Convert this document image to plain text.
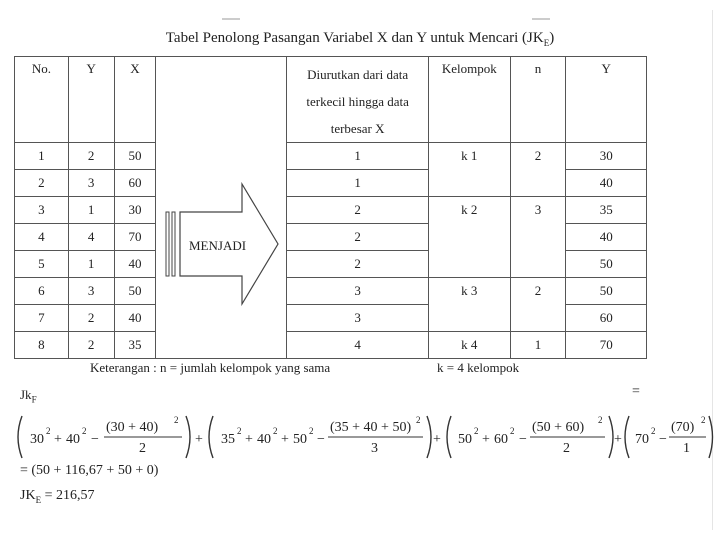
Tabel Penolong Pasangan Variabel X dan Y untuk Mencari $(JK_E)$
No.	Y	X		Diurutkan dari data terkecil hingga data terbesar X	Kelompok	n	Y

1	2	50	MENJADI	1	k 1	2	30
2	3	60		1			40
3	1	30		2	k 2	3	35
4	4	70		2			40
5	1	40		2			50
6	3	50		3	k 3	2	50
7	2	40		3			60
8	2	35		4	k 4	1	70
Keterangan : n = jumlah kelompok yang sama	k = 4 kelompok
$Jk_F$
=
30
2
+ 40
2
−
(30 + 40) 2
2
+ 35
2
+ 40
2
+ 50
2
−
(35 + 40 + 50) 2
3
+ 50
2
+ 60
2
−
(50 + 60) 2
2
+ 70
2
−
(70) 2
1
= (50 + 116,67 + 50 + 0)
$JK_E = 216,57$
